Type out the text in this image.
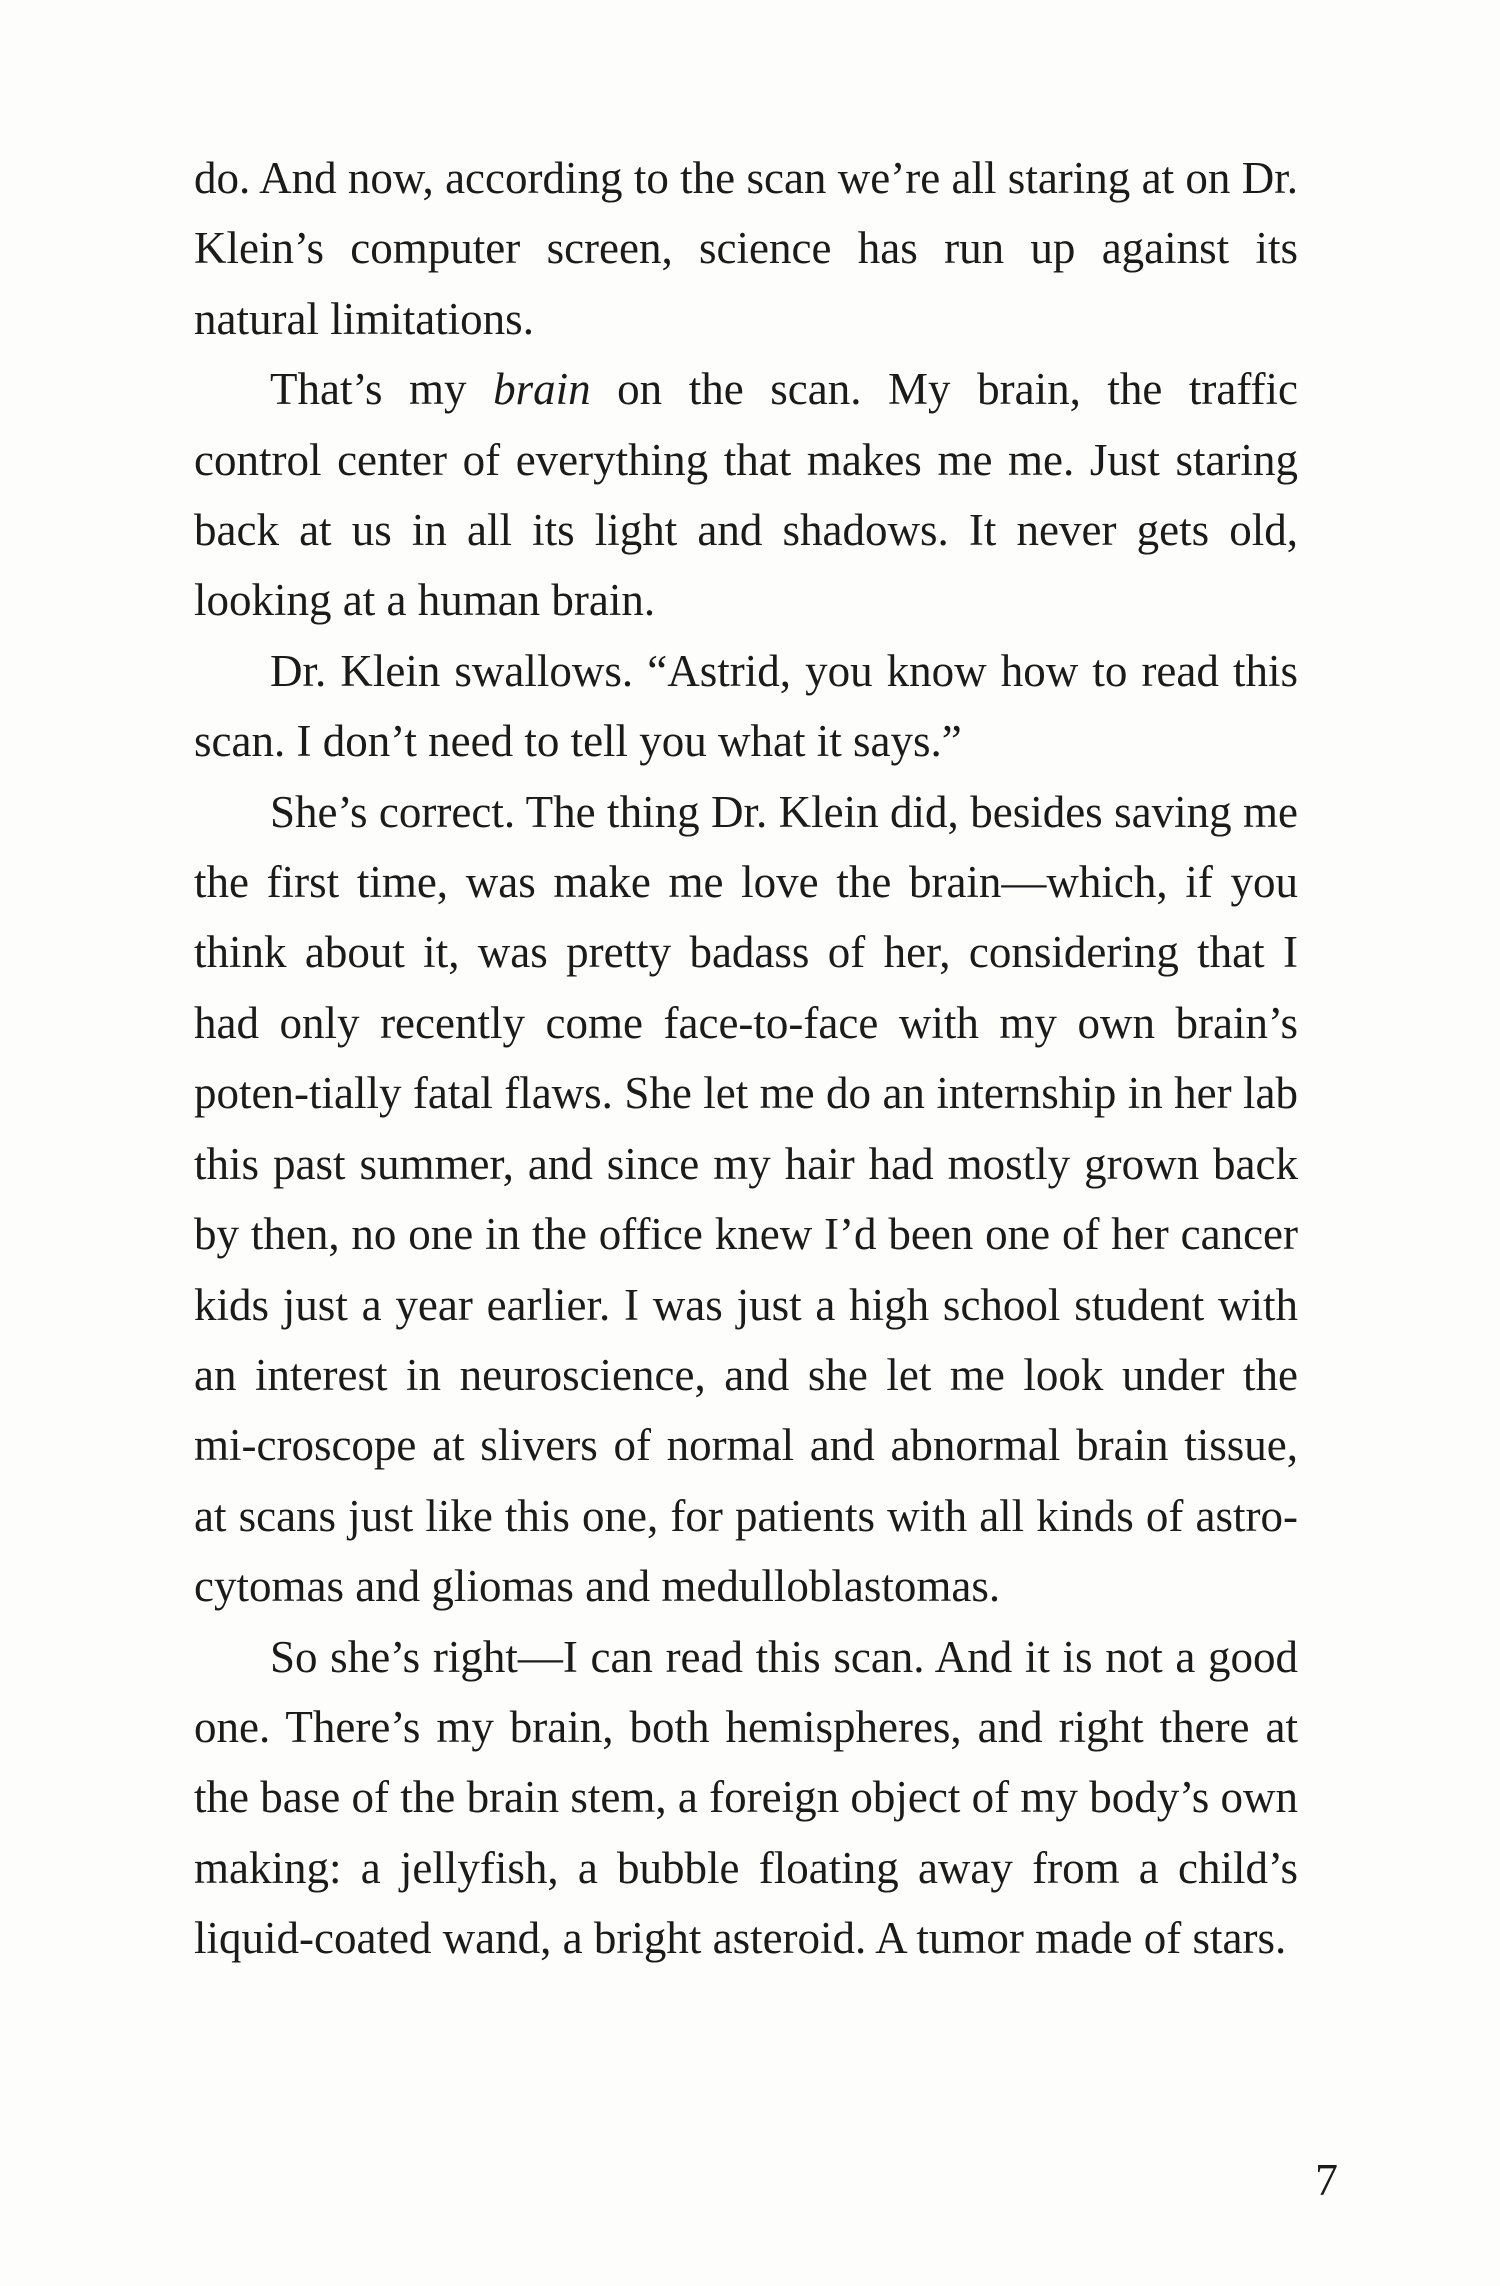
do. And now, according to the scan we’re all staring at on Dr. Klein’s computer screen, science has run up against its natural limitations.

That’s my brain on the scan. My brain, the traffic control center of everything that makes me me. Just staring back at us in all its light and shadows. It never gets old, looking at a human brain.

Dr. Klein swallows. “Astrid, you know how to read this scan. I don’t need to tell you what it says.”

She’s correct. The thing Dr. Klein did, besides saving me the first time, was make me love the brain—which, if you think about it, was pretty badass of her, considering that I had only recently come face-to-face with my own brain’s poten-tially fatal flaws. She let me do an internship in her lab this past summer, and since my hair had mostly grown back by then, no one in the office knew I’d been one of her cancer kids just a year earlier. I was just a high school student with an interest in neuroscience, and she let me look under the mi-croscope at slivers of normal and abnormal brain tissue, at scans just like this one, for patients with all kinds of astro-cytomas and gliomas and medulloblastomas.

So she’s right—I can read this scan. And it is not a good one. There’s my brain, both hemispheres, and right there at the base of the brain stem, a foreign object of my body’s own making: a jellyfish, a bubble floating away from a child’s liquid-coated wand, a bright asteroid. A tumor made of stars.

7
